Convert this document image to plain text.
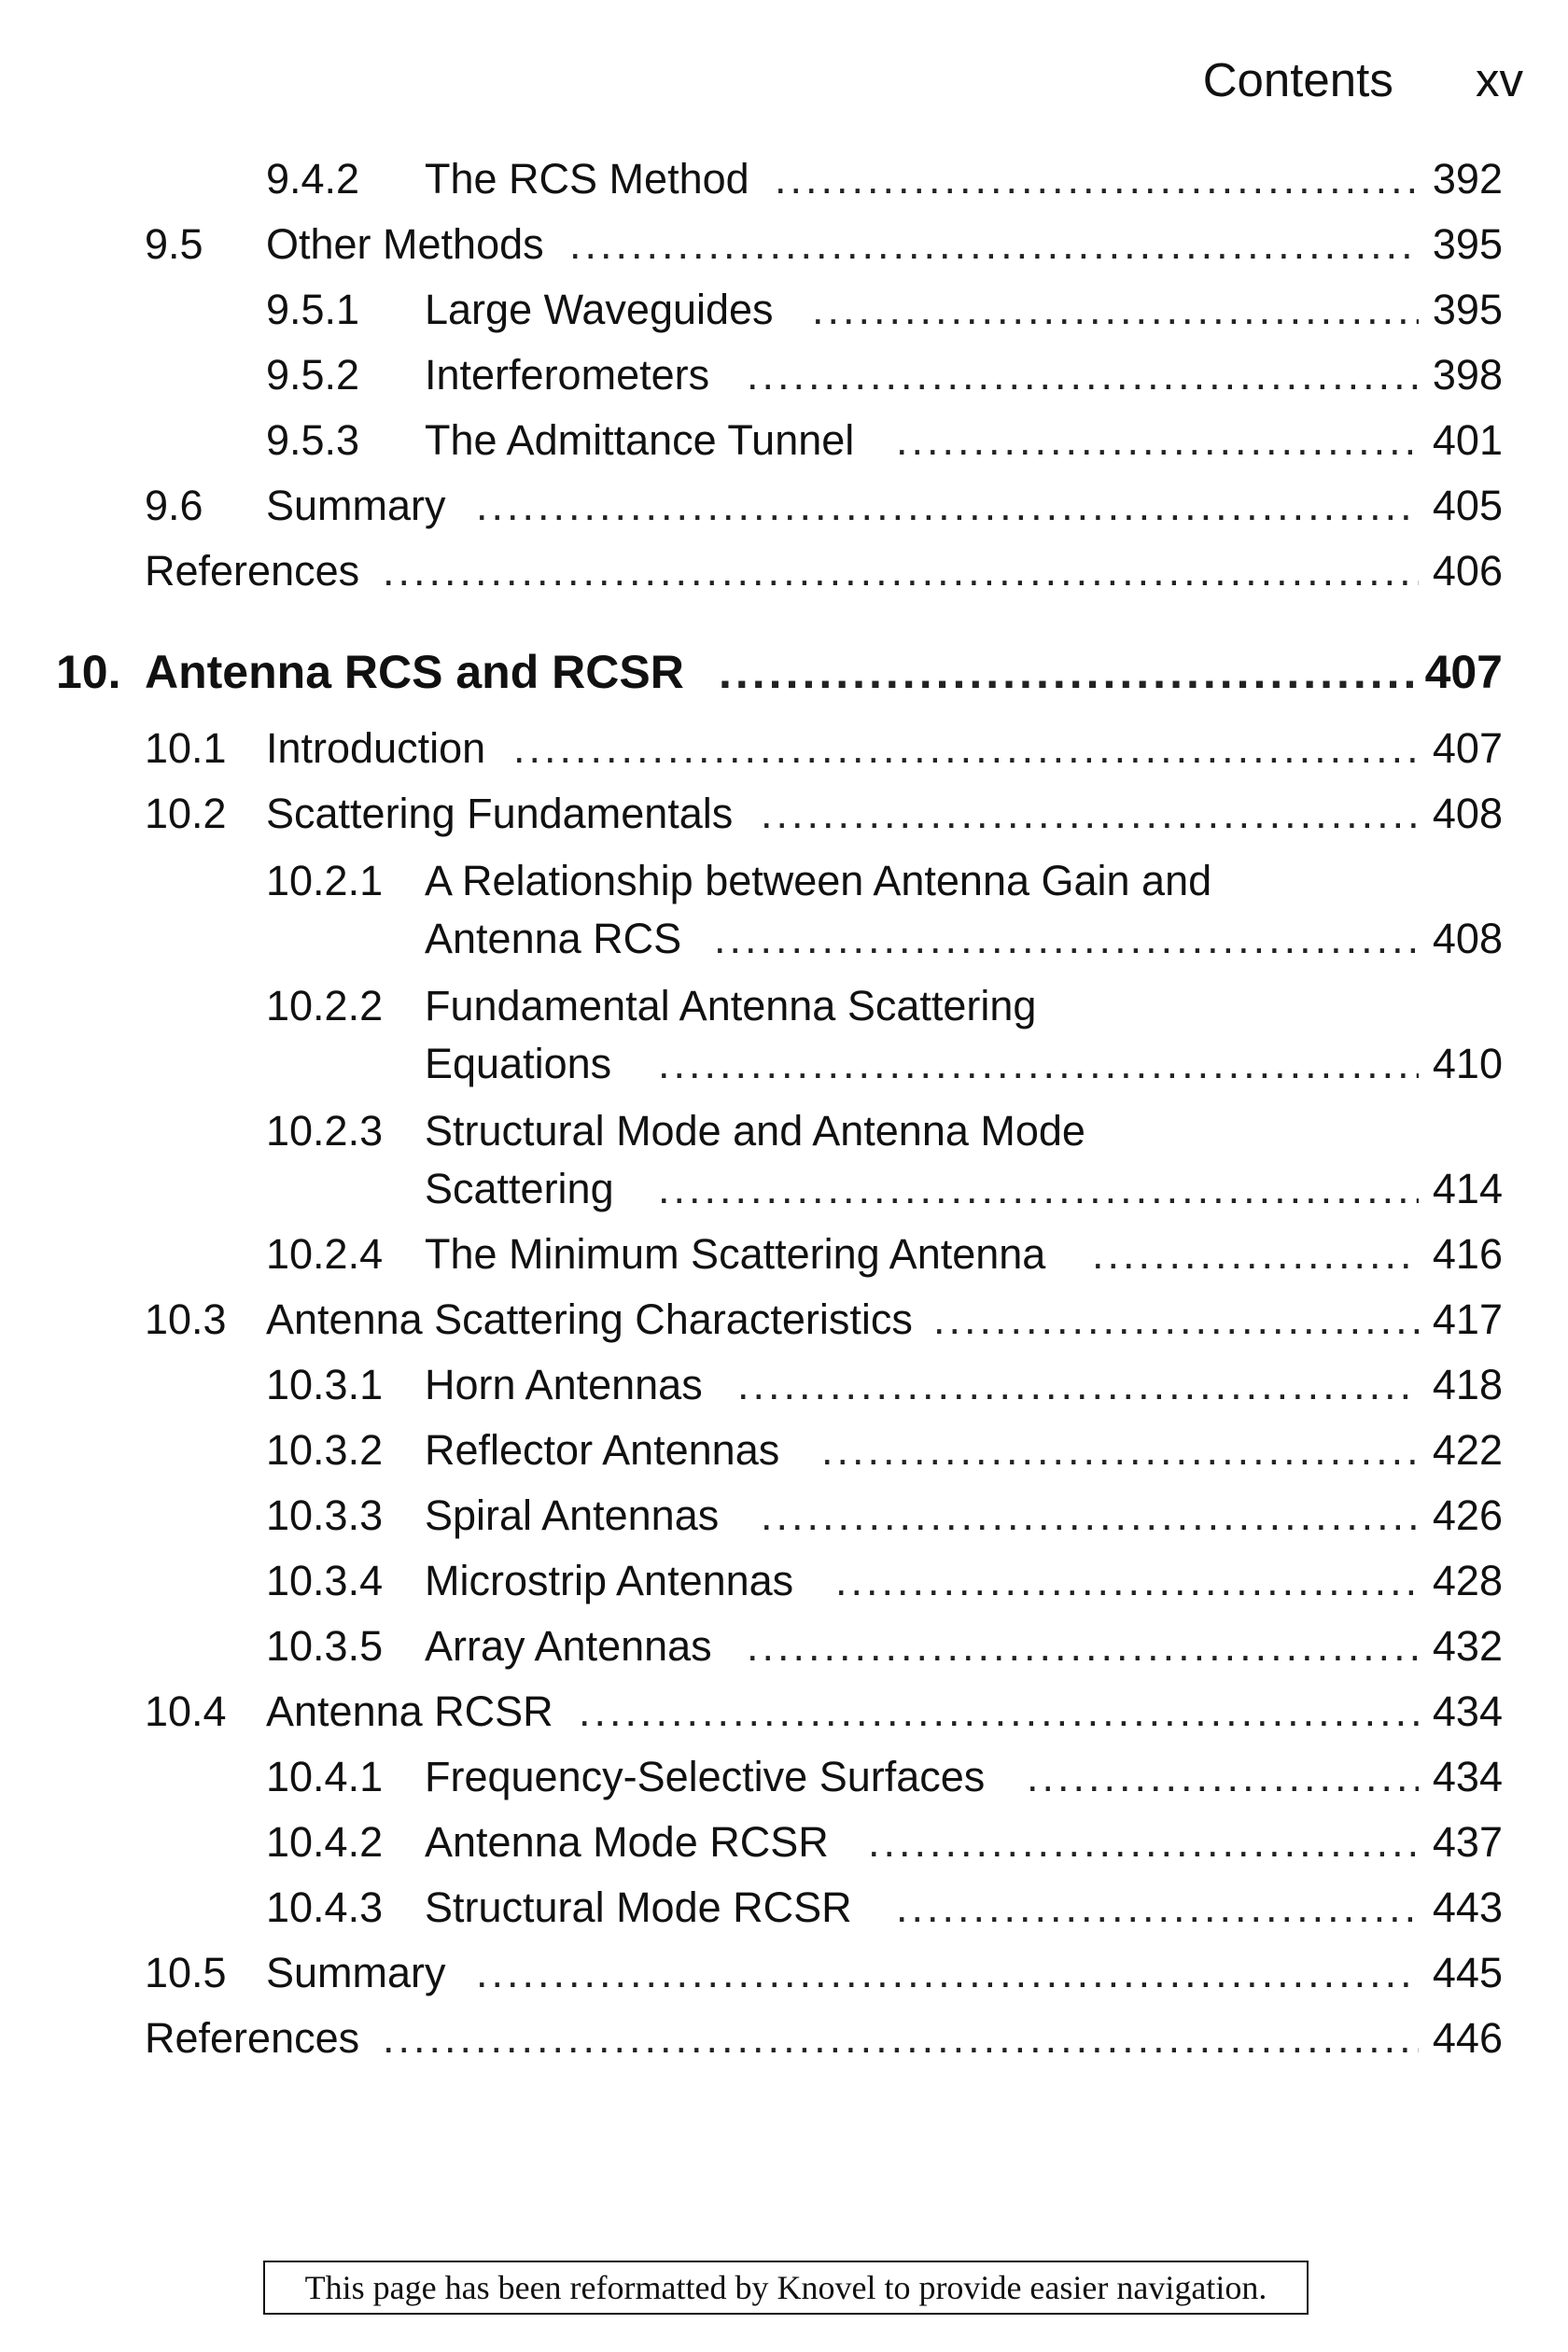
Contents xv
9.4.2 ..... The RCS Method	392
9.5 ..... Other Methods	395
9.5.1 ..... Large Waveguides	395
9.5.2 ..... Interferometers	398
9.5.3 ..... The Admittance Tunnel	401
9.6 ..... Summary	405
.....
References	406
10. ..... Antenna RCS and RCSR	407
10.1 ..... Introduction	407
10.2 ..... Scattering Fundamentals	408
10.2.1 A Relationship between Antenna Gain and
.....
Antenna RCS	408
10.2.2 Fundamental Antenna Scattering
.....
Equations	410
10.2.3 Structural Mode and Antenna Mode
.....
Scattering	414
10.2.4 ..... The Minimum Scattering Antenna	416
10.3 ..... Antenna Scattering Characteristics	417
10.3.1 ..... Horn Antennas	418
10.3.2 ..... Reflector Antennas	422
10.3.3 ..... Spiral Antennas	426
10.3.4 ..... Microstrip Antennas	428
10.3.5 ..... Array Antennas	432
10.4 ..... Antenna RCSR	434
10.4.1 ..... Frequency-Selective Surfaces	434
10.4.2 ..... Antenna Mode RCSR	437
10.4.3 ..... Structural Mode RCSR	443
10.5 ..... Summary	445
.....
References	446
This page has been reformatted by Knovel to provide easier navigation.
